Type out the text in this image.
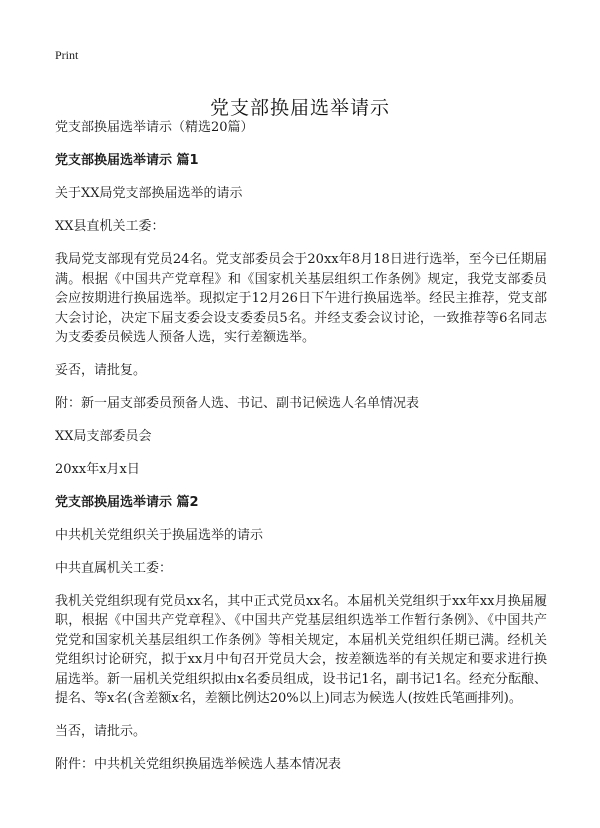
Print
党支部换届选举请示

党支部换届选举请示（精选20篇）

党支部换届选举请示 篇1

关于XX局党支部换届选举的请示

XX县直机关工委：

我局党支部现有党员24名。党支部委员会于20xx年8月18日进行选举，至今已任期届满。根据《中国共产党章程》和《国家机关基层组织工作条例》规定，我党支部委员会应按期进行换届选举。现拟定于12月26日下午进行换届选举。经民主推荐，党支部大会讨论，决定下届支委会设支委委员5名。并经支委会议讨论，一致推荐等6名同志为支委委员候选人预备人选，实行差额选举。

妥否，请批复。

附：新一届支部委员预备人选、书记、副书记候选人名单情况表

XX局支部委员会

20xx年x月x日

党支部换届选举请示 篇2

中共机关党组织关于换届选举的请示

中共直属机关工委：

我机关党组织现有党员xx名，其中正式党员xx名。本届机关党组织于xx年xx月换届履职，根据《中国共产党章程》、《中国共产党基层组织选举工作暂行条例》、《中国共产党党和国家机关基层组织工作条例》等相关规定，本届机关党组织任期已满。经机关党组织讨论研究，拟于xx月中旬召开党员大会，按差额选举的有关规定和要求进行换届选举。新一届机关党组织拟由x名委员组成，设书记1名，副书记1名。经充分酝酿、提名、等x名(含差额x名，差额比例达20%以上)同志为候选人(按姓氏笔画排列)。

当否，请批示。

附件：中共机关党组织换届选举候选人基本情况表
